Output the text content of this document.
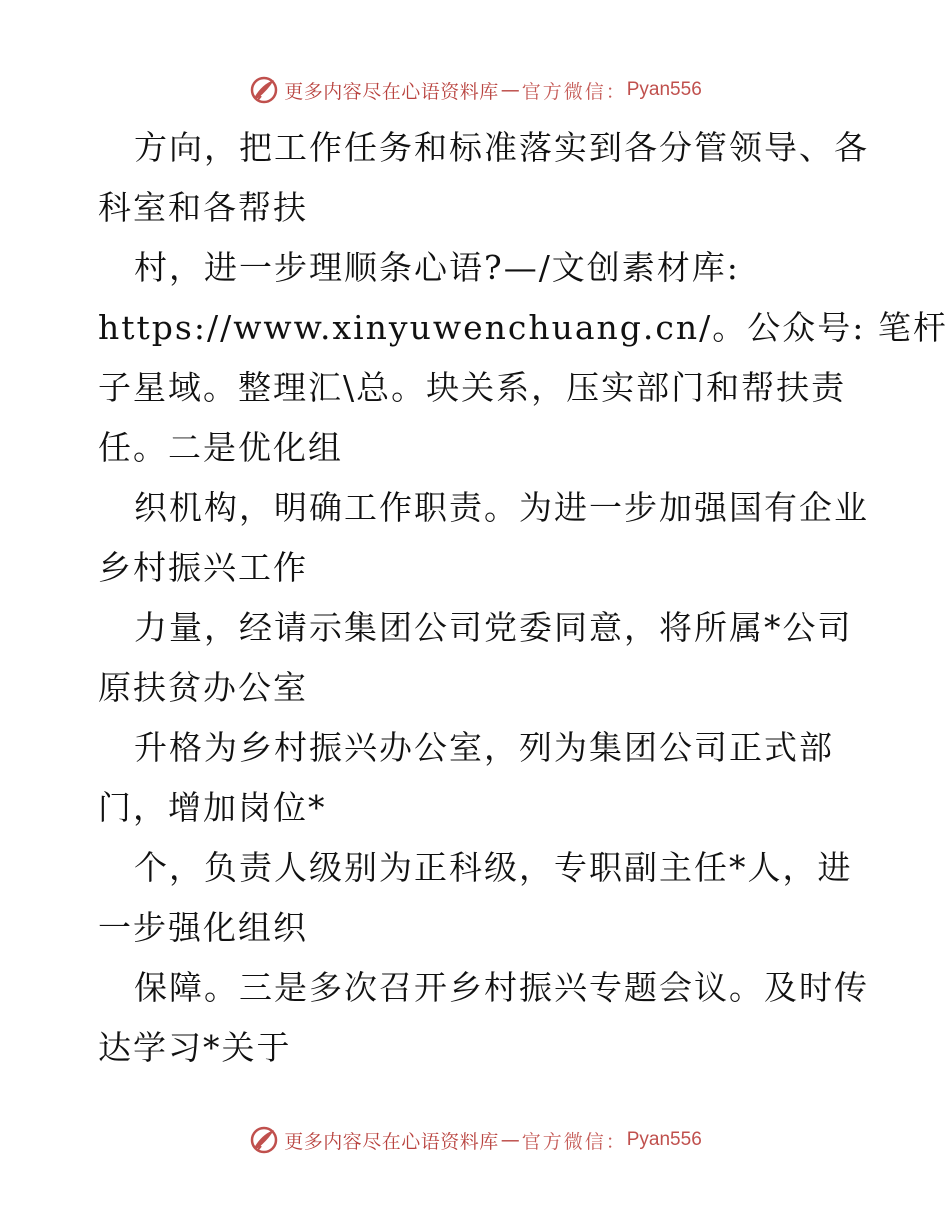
更多内容尽在心语资料库 — 官方微信： Pyan556
方向，把工作任务和标准落实到各分管领导、各
科室和各帮扶
村，进一步理顺条心语?—/文创素材库:
https://www.xinyuwenchuang.cn/。公众号: 笔杆
子星域。整理汇\总。块关系，压实部门和帮扶责
任。二是优化组
织机构，明确工作职责。为进一步加强国有企业
乡村振兴工作
力量，经请示集团公司党委同意，将所属*公司
原扶贫办公室
升格为乡村振兴办公室，列为集团公司正式部
门，增加岗位*
个，负责人级别为正科级，专职副主任*人，进
一步强化组织
保障。三是多次召开乡村振兴专题会议。及时传
达学习*关于
更多内容尽在心语资料库 — 官方微信： Pyan556
